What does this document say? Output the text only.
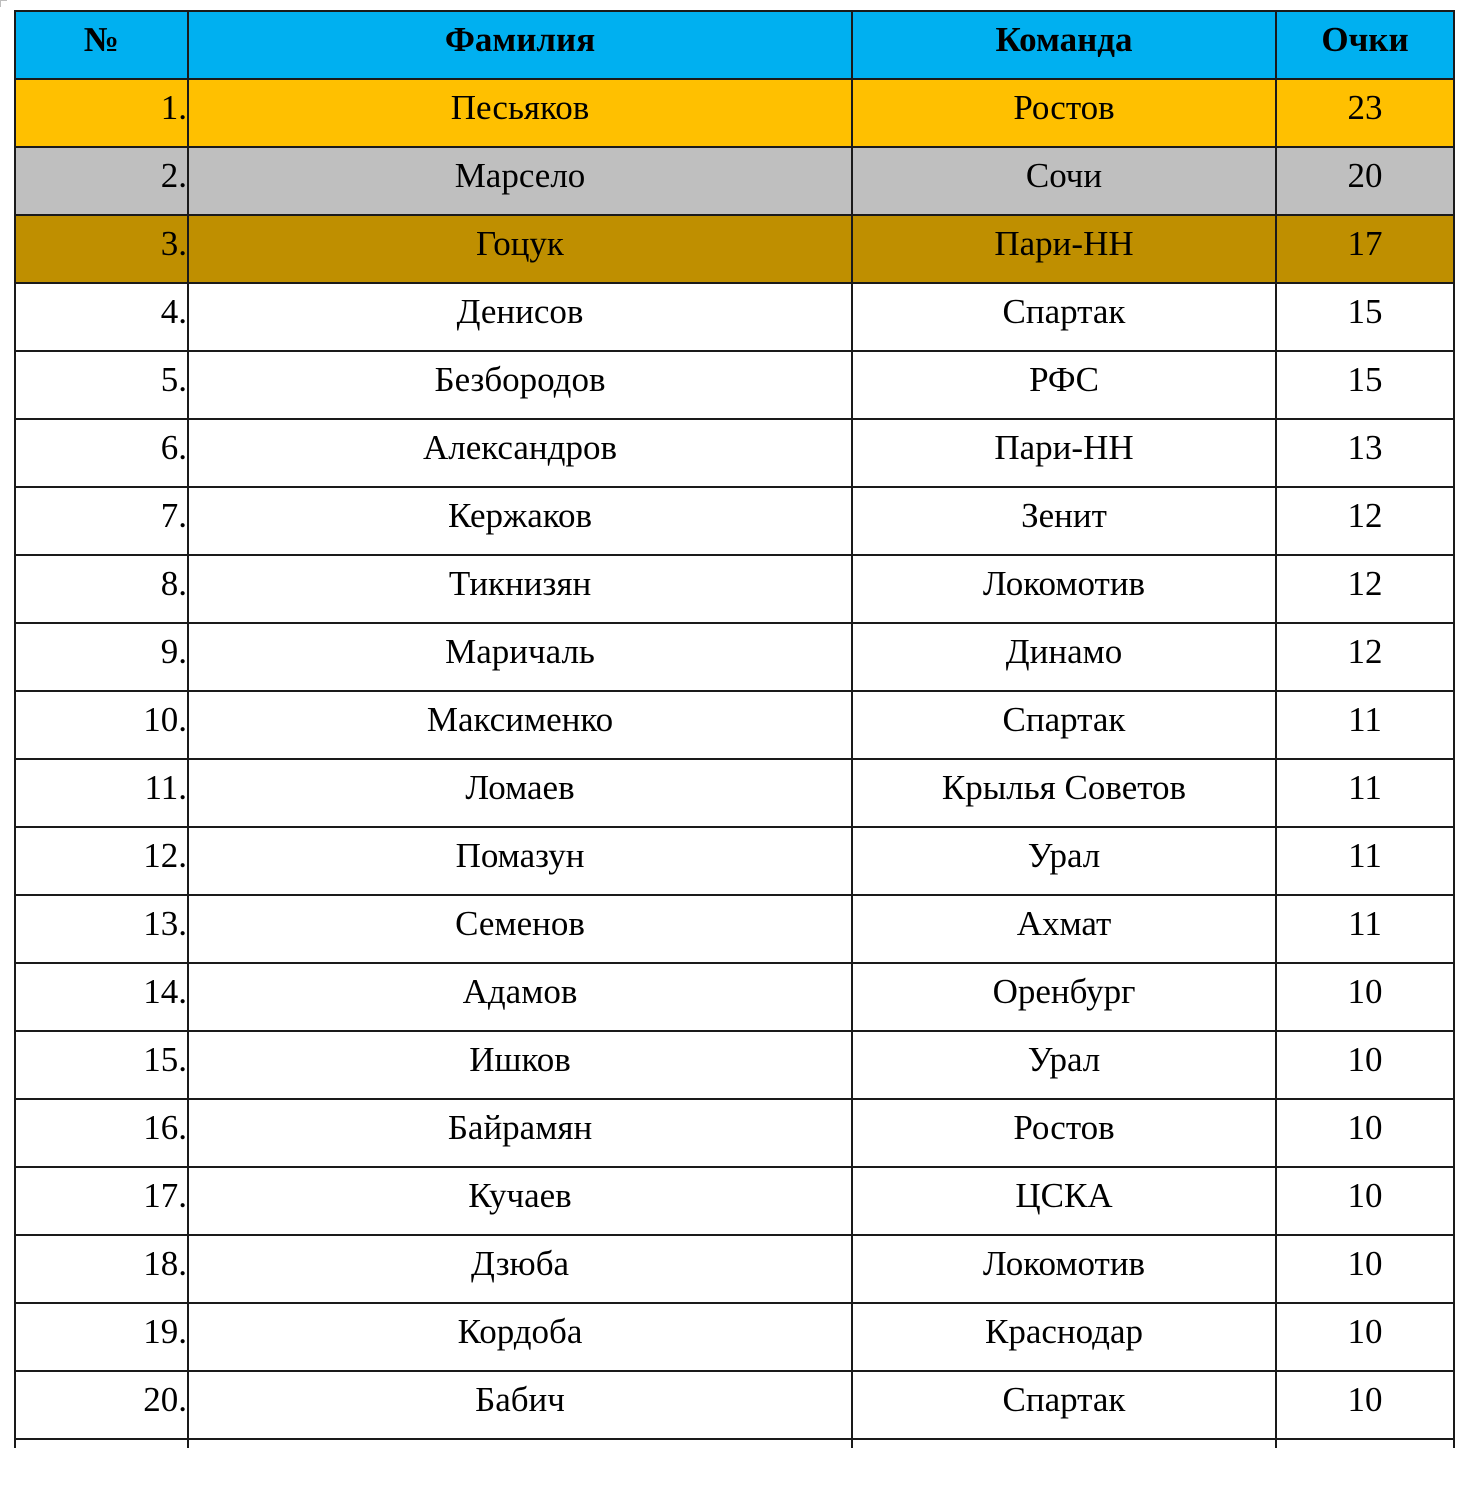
№	Фамилия	Команда	Очки
1.	Песьяков	Ростов	23
2.	Марсело	Сочи	20
3.	Гоцук	Пари-НН	17
4.	Денисов	Спартак	15
5.	Безбородов	РФС	15
6.	Александров	Пари-НН	13
7.	Кержаков	Зенит	12
8.	Тикнизян	Локомотив	12
9.	Маричаль	Динамо	12
10.	Максименко	Спартак	11
11.	Ломаев	Крылья Советов	11
12.	Помазун	Урал	11
13.	Семенов	Ахмат	11
14.	Адамов	Оренбург	10
15.	Ишков	Урал	10
16.	Байрамян	Ростов	10
17.	Кучаев	ЦСКА	10
18.	Дзюба	Локомотив	10
19.	Кордоба	Краснодар	10
20.	Бабич	Спартак	10
